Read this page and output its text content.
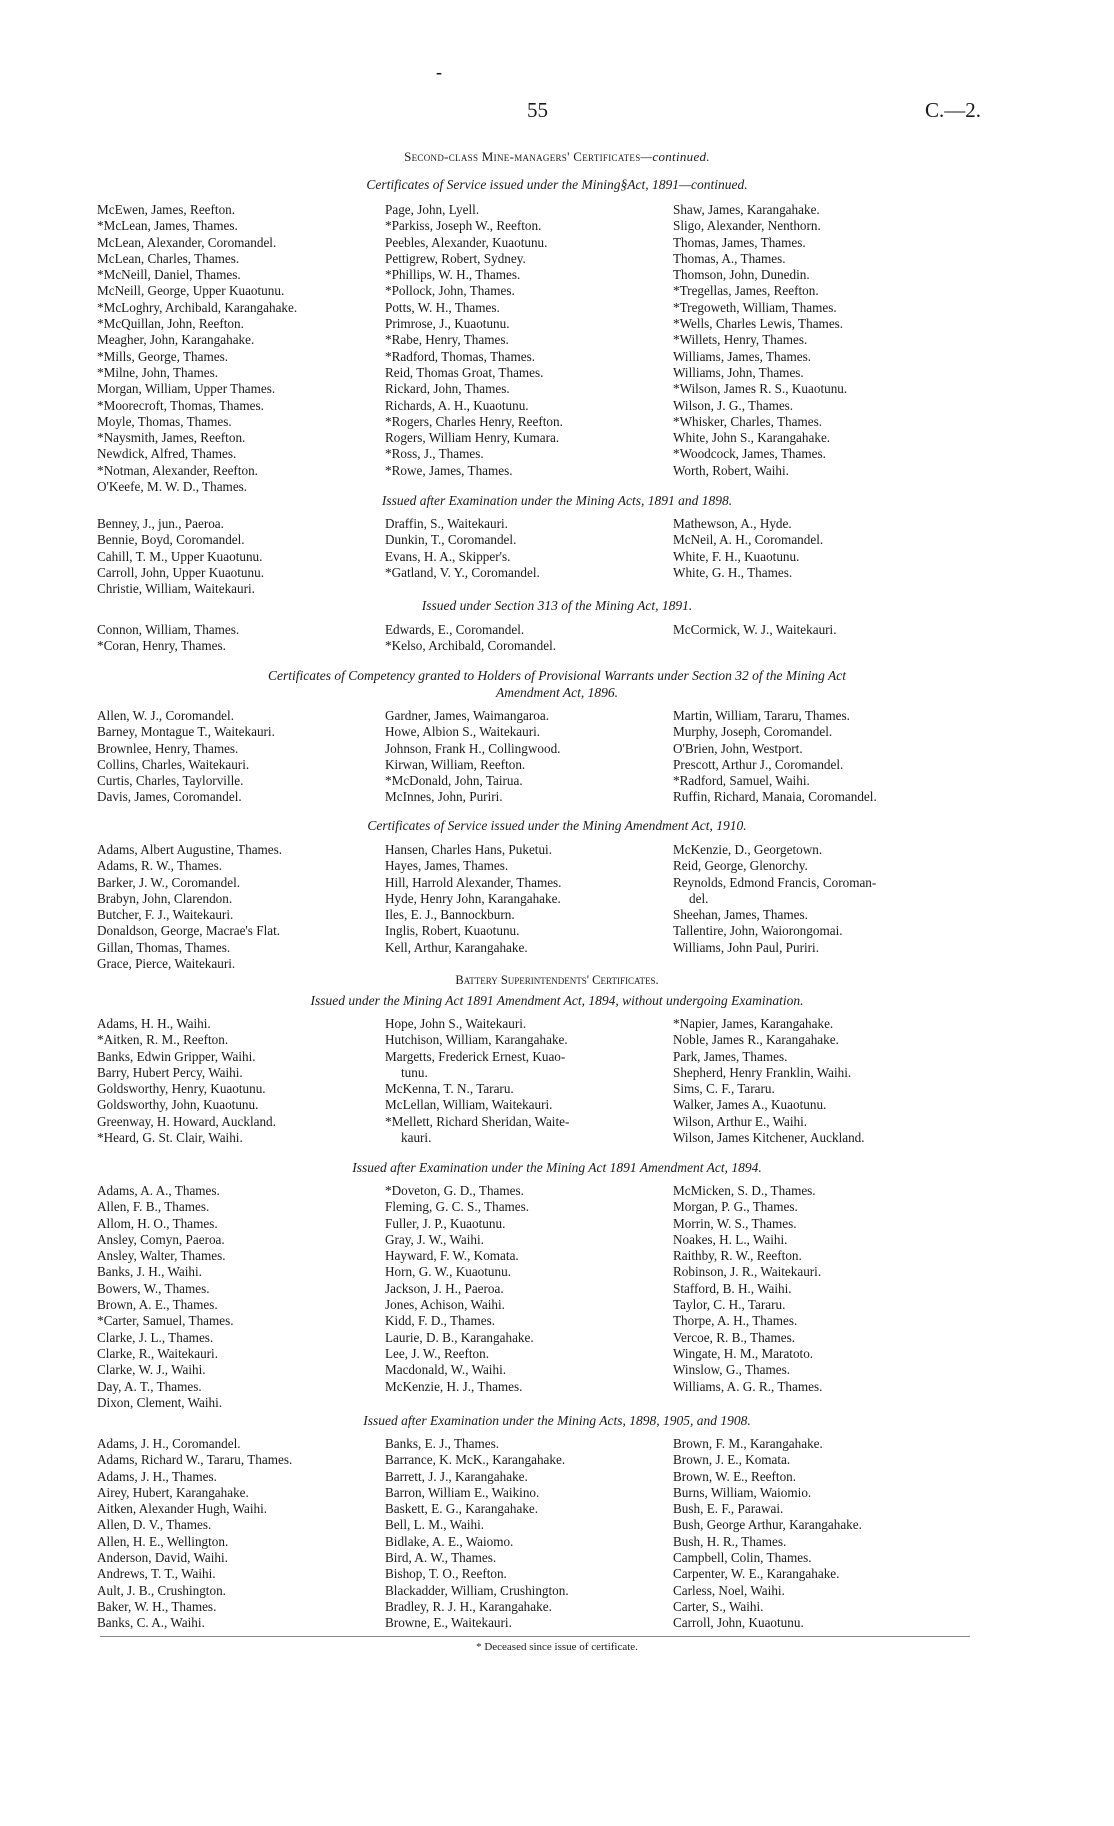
-
55	C.—2.
Second-class Mine-managers' Certificates—continued.
Certificates of Service issued under the Mining§Act, 1891—continued.
McEwen, James, Reefton.
*McLean, James, Thames.
McLean, Alexander, Coromandel.
McLean, Charles, Thames.
*McNeill, Daniel, Thames.
McNeill, George, Upper Kuaotunu.
*McLoghry, Archibald, Karangahake.
*McQuillan, John, Reefton.
Meagher, John, Karangahake.
*Mills, George, Thames.
*Milne, John, Thames.
Morgan, William, Upper Thames.
*Moorecroft, Thomas, Thames.
Moyle, Thomas, Thames.
*Naysmith, James, Reefton.
Newdick, Alfred, Thames.
*Notman, Alexander, Reefton.
O'Keefe, M. W. D., Thames.
Page, John, Lyell.
*Parkiss, Joseph W., Reefton.
Peebles, Alexander, Kuaotunu.
Pettigrew, Robert, Sydney.
*Phillips, W. H., Thames.
*Pollock, John, Thames.
Potts, W. H., Thames.
Primrose, J., Kuaotunu.
*Rabe, Henry, Thames.
*Radford, Thomas, Thames.
Reid, Thomas Groat, Thames.
Rickard, John, Thames.
Richards, A. H., Kuaotunu.
*Rogers, Charles Henry, Reefton.
Rogers, William Henry, Kumara.
*Ross, J., Thames.
*Rowe, James, Thames.
Shaw, James, Karangahake.
Sligo, Alexander, Nenthorn.
Thomas, James, Thames.
Thomas, A., Thames.
Thomson, John, Dunedin.
*Tregellas, James, Reefton.
*Tregoweth, William, Thames.
*Wells, Charles Lewis, Thames.
*Willets, Henry, Thames.
Williams, James, Thames.
Williams, John, Thames.
*Wilson, James R. S., Kuaotunu.
Wilson, J. G., Thames.
*Whisker, Charles, Thames.
White, John S., Karangahake.
*Woodcock, James, Thames.
Worth, Robert, Waihi.
Issued after Examination under the Mining Acts, 1891 and 1898.
Benney, J., jun., Paeroa.
Bennie, Boyd, Coromandel.
Cahill, T. M., Upper Kuaotunu.
Carroll, John, Upper Kuaotunu.
Christie, William, Waitekauri.
Draffin, S., Waitekauri.
Dunkin, T., Coromandel.
Evans, H. A., Skipper's.
*Gatland, V. Y., Coromandel.
Mathewson, A., Hyde.
McNeil, A. H., Coromandel.
White, F. H., Kuaotunu.
White, G. H., Thames.
Issued under Section 313 of the Mining Act, 1891.
Connon, William, Thames.
*Coran, Henry, Thames.
Edwards, E., Coromandel.
*Kelso, Archibald, Coromandel.
McCormick, W. J., Waitekauri.
Certificates of Competency granted to Holders of Provisional Warrants under Section 32 of the Mining Act
Amendment Act, 1896.
Allen, W. J., Coromandel.
Barney, Montague T., Waitekauri.
Brownlee, Henry, Thames.
Collins, Charles, Waitekauri.
Curtis, Charles, Taylorville.
Davis, James, Coromandel.
Gardner, James, Waimangaroa.
Howe, Albion S., Waitekauri.
Johnson, Frank H., Collingwood.
Kirwan, William, Reefton.
*McDonald, John, Tairua.
McInnes, John, Puriri.
Martin, William, Tararu, Thames.
Murphy, Joseph, Coromandel.
O'Brien, John, Westport.
Prescott, Arthur J., Coromandel.
*Radford, Samuel, Waihi.
Ruffin, Richard, Manaia, Coromandel.
Certificates of Service issued under the Mining Amendment Act, 1910.
Adams, Albert Augustine, Thames.
Adams, R. W., Thames.
Barker, J. W., Coromandel.
Brabyn, John, Clarendon.
Butcher, F. J., Waitekauri.
Donaldson, George, Macrae's Flat.
Gillan, Thomas, Thames.
Grace, Pierce, Waitekauri.
Hansen, Charles Hans, Puketui.
Hayes, James, Thames.
Hill, Harrold Alexander, Thames.
Hyde, Henry John, Karangahake.
Iles, E. J., Bannockburn.
Inglis, Robert, Kuaotunu.
Kell, Arthur, Karangahake.
McKenzie, D., Georgetown.
Reid, George, Glenorchy.
Reynolds, Edmond Francis, Coroman-
del.
Sheehan, James, Thames.
Tallentire, John, Waiorongomai.
Williams, John Paul, Puriri.
Battery Superintendents' Certificates.
Issued under the Mining Act 1891 Amendment Act, 1894, without undergoing Examination.
Adams, H. H., Waihi.
*Aitken, R. M., Reefton.
Banks, Edwin Gripper, Waihi.
Barry, Hubert Percy, Waihi.
Goldsworthy, Henry, Kuaotunu.
Goldsworthy, John, Kuaotunu.
Greenway, H. Howard, Auckland.
*Heard, G. St. Clair, Waihi.
Hope, John S., Waitekauri.
Hutchison, William, Karangahake.
Margetts, Frederick Ernest, Kuao-
tunu.
McKenna, T. N., Tararu.
McLellan, William, Waitekauri.
*Mellett, Richard Sheridan, Waite-
kauri.
*Napier, James, Karangahake.
Noble, James R., Karangahake.
Park, James, Thames.
Shepherd, Henry Franklin, Waihi.
Sims, C. F., Tararu.
Walker, James A., Kuaotunu.
Wilson, Arthur E., Waihi.
Wilson, James Kitchener, Auckland.
Issued after Examination under the Mining Act 1891 Amendment Act, 1894.
Adams, A. A., Thames.
Allen, F. B., Thames.
Allom, H. O., Thames.
Ansley, Comyn, Paeroa.
Ansley, Walter, Thames.
Banks, J. H., Waihi.
Bowers, W., Thames.
Brown, A. E., Thames.
*Carter, Samuel, Thames.
Clarke, J. L., Thames.
Clarke, R., Waitekauri.
Clarke, W. J., Waihi.
Day, A. T., Thames.
Dixon, Clement, Waihi.
*Doveton, G. D., Thames.
Fleming, G. C. S., Thames.
Fuller, J. P., Kuaotunu.
Gray, J. W., Waihi.
Hayward, F. W., Komata.
Horn, G. W., Kuaotunu.
Jackson, J. H., Paeroa.
Jones, Achison, Waihi.
Kidd, F. D., Thames.
Laurie, D. B., Karangahake.
Lee, J. W., Reefton.
Macdonald, W., Waihi.
McKenzie, H. J., Thames.
McMicken, S. D., Thames.
Morgan, P. G., Thames.
Morrin, W. S., Thames.
Noakes, H. L., Waihi.
Raithby, R. W., Reefton.
Robinson, J. R., Waitekauri.
Stafford, B. H., Waihi.
Taylor, C. H., Tararu.
Thorpe, A. H., Thames.
Vercoe, R. B., Thames.
Wingate, H. M., Maratoto.
Winslow, G., Thames.
Williams, A. G. R., Thames.
Issued after Examination under the Mining Acts, 1898, 1905, and 1908.
Adams, J. H., Coromandel.
Adams, Richard W., Tararu, Thames.
Adams, J. H., Thames.
Airey, Hubert, Karangahake.
Aitken, Alexander Hugh, Waihi.
Allen, D. V., Thames.
Allen, H. E., Wellington.
Anderson, David, Waihi.
Andrews, T. T., Waihi.
Ault, J. B., Crushington.
Baker, W. H., Thames.
Banks, C. A., Waihi.
Banks, E. J., Thames.
Barrance, K. McK., Karangahake.
Barrett, J. J., Karangahake.
Barron, William E., Waikino.
Baskett, E. G., Karangahake.
Bell, L. M., Waihi.
Bidlake, A. E., Waiomo.
Bird, A. W., Thames.
Bishop, T. O., Reefton.
Blackadder, William, Crushington.
Bradley, R. J. H., Karangahake.
Browne, E., Waitekauri.
Brown, F. M., Karangahake.
Brown, J. E., Komata.
Brown, W. E., Reefton.
Burns, William, Waiomio.
Bush, E. F., Parawai.
Bush, George Arthur, Karangahake.
Bush, H. R., Thames.
Campbell, Colin, Thames.
Carpenter, W. E., Karangahake.
Carless, Noel, Waihi.
Carter, S., Waihi.
Carroll, John, Kuaotunu.
* Deceased since issue of certificate.
